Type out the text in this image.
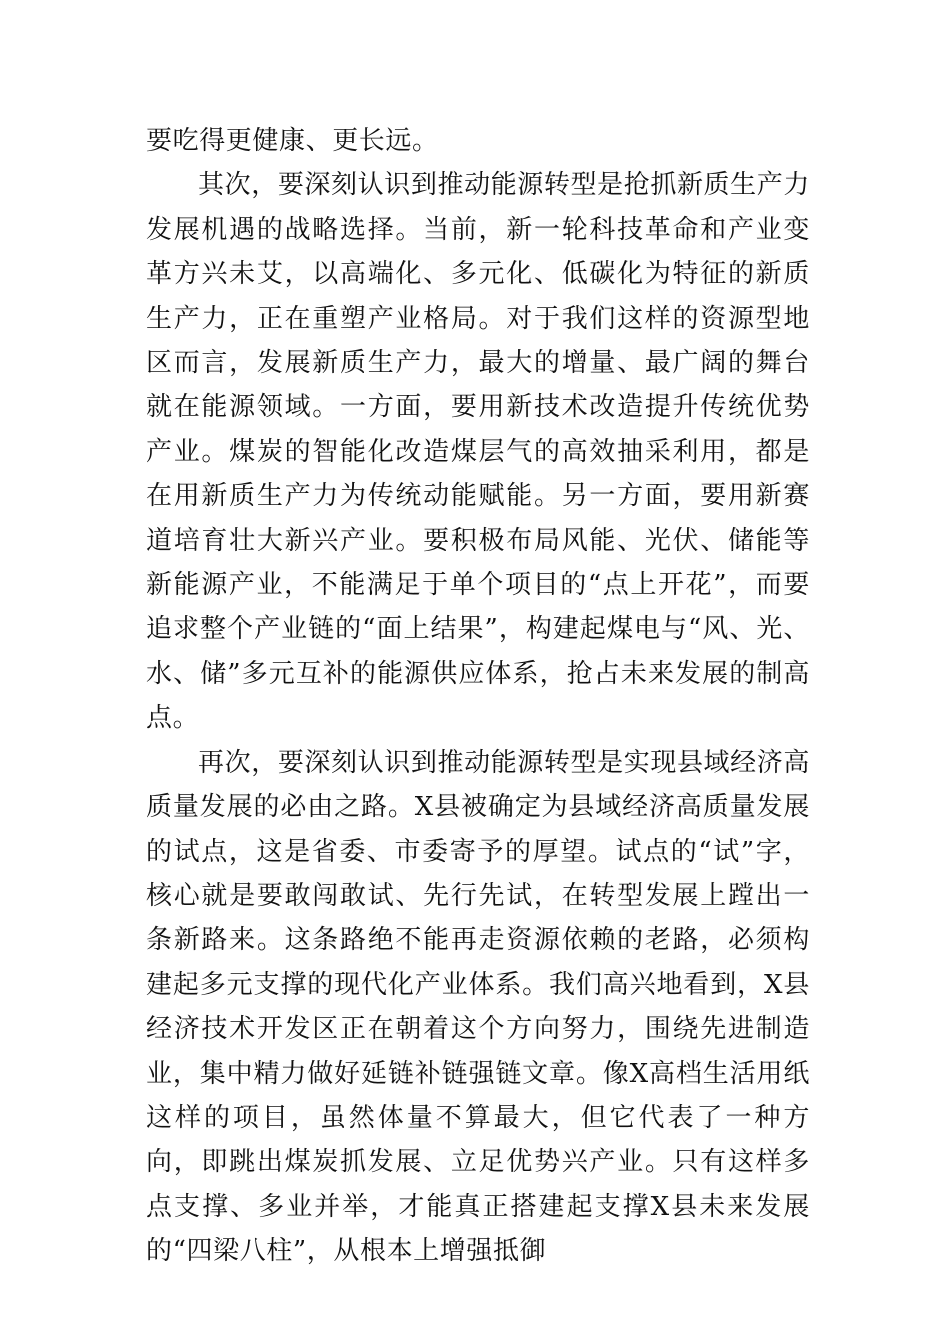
要吃得更健康、更长远。

其次，要深刻认识到推动能源转型是抢抓新质生产力发展机遇的战略选择。当前，新一轮科技革命和产业变革方兴未艾，以高端化、多元化、低碳化为特征的新质生产力，正在重塑产业格局。对于我们这样的资源型地区而言，发展新质生产力，最大的增量、最广阔的舞台就在能源领域。一方面，要用新技术改造提升传统优势产业。煤炭的智能化改造煤层气的高效抽采利用，都是在用新质生产力为传统动能赋能。另一方面，要用新赛道培育壮大新兴产业。要积极布局风能、光伏、储能等新能源产业，不能满足于单个项目的“点上开花”，而要追求整个产业链的“面上结果”，构建起煤电与“风、光、水、储”多元互补的能源供应体系，抢占未来发展的制高点。

再次，要深刻认识到推动能源转型是实现县域经济高质量发展的必由之路。X县被确定为县域经济高质量发展的试点，这是省委、市委寄予的厚望。试点的“试”字，核心就是要敢闯敢试、先行先试，在转型发展上蹚出一条新路来。这条路绝不能再走资源依赖的老路，必须构建起多元支撑的现代化产业体系。我们高兴地看到，X县经济技术开发区正在朝着这个方向努力，围绕先进制造业，集中精力做好延链补链强链文章。像X高档生活用纸这样的项目，虽然体量不算最大，但它代表了一种方向，即跳出煤炭抓发展、立足优势兴产业。只有这样多点支撑、多业并举，才能真正搭建起支撑X县未来发展的“四梁八柱”，从根本上增强抵御
